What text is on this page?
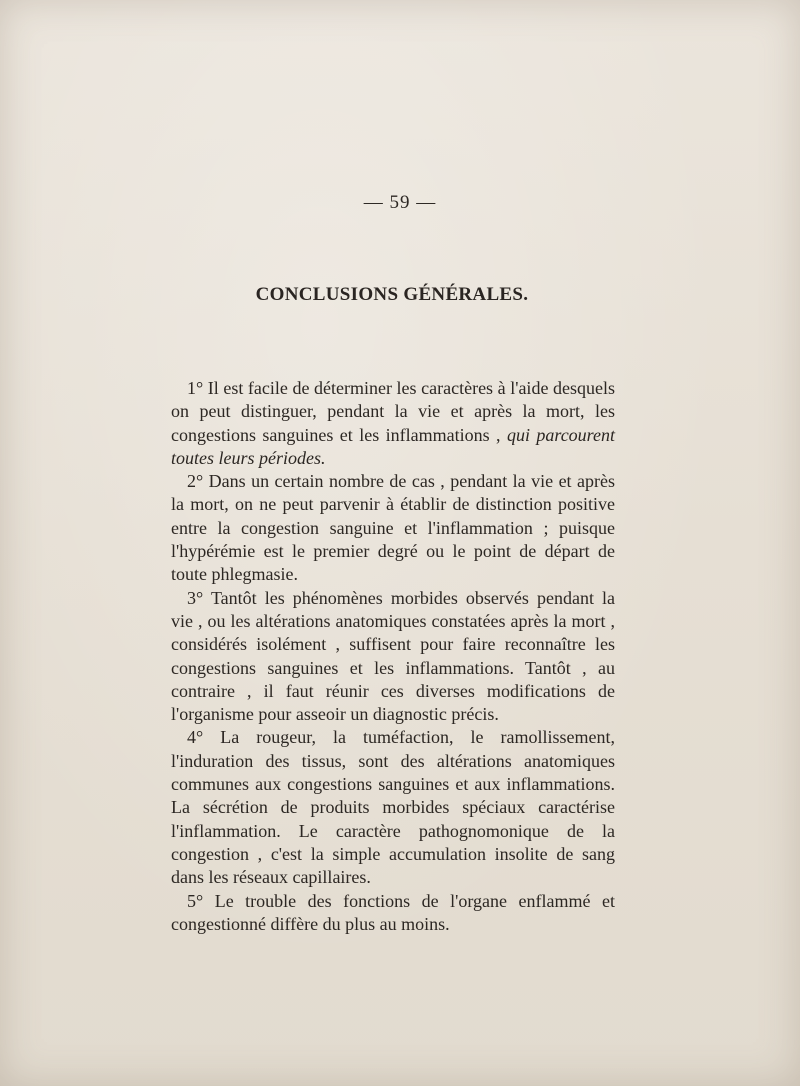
— 59 —
CONCLUSIONS GÉNÉRALES.

1° Il est facile de déterminer les caractères à l'aide desquels on peut distinguer, pendant la vie et après la mort, les congestions sanguines et les inflammations , qui parcourent toutes leurs périodes.

2° Dans un certain nombre de cas , pendant la vie et après la mort, on ne peut parvenir à établir de distinction positive entre la congestion sanguine et l'inflammation ; puisque l'hypérémie est le premier degré ou le point de départ de toute phlegmasie.

3° Tantôt les phénomènes morbides observés pendant la vie , ou les altérations anatomiques constatées après la mort , considérés isolément , suffisent pour faire reconnaître les congestions sanguines et les inflammations. Tantôt , au contraire , il faut réunir ces diverses modifications de l'organisme pour asseoir un diagnostic précis.

4° La rougeur, la tuméfaction, le ramollissement, l'induration des tissus, sont des altérations anatomiques communes aux congestions sanguines et aux inflammations. La sécrétion de produits morbides spéciaux caractérise l'inflammation. Le caractère pathognomonique de la congestion , c'est la simple accumulation insolite de sang dans les réseaux capillaires.

5° Le trouble des fonctions de l'organe enflammé et congestionné diffère du plus au moins.
